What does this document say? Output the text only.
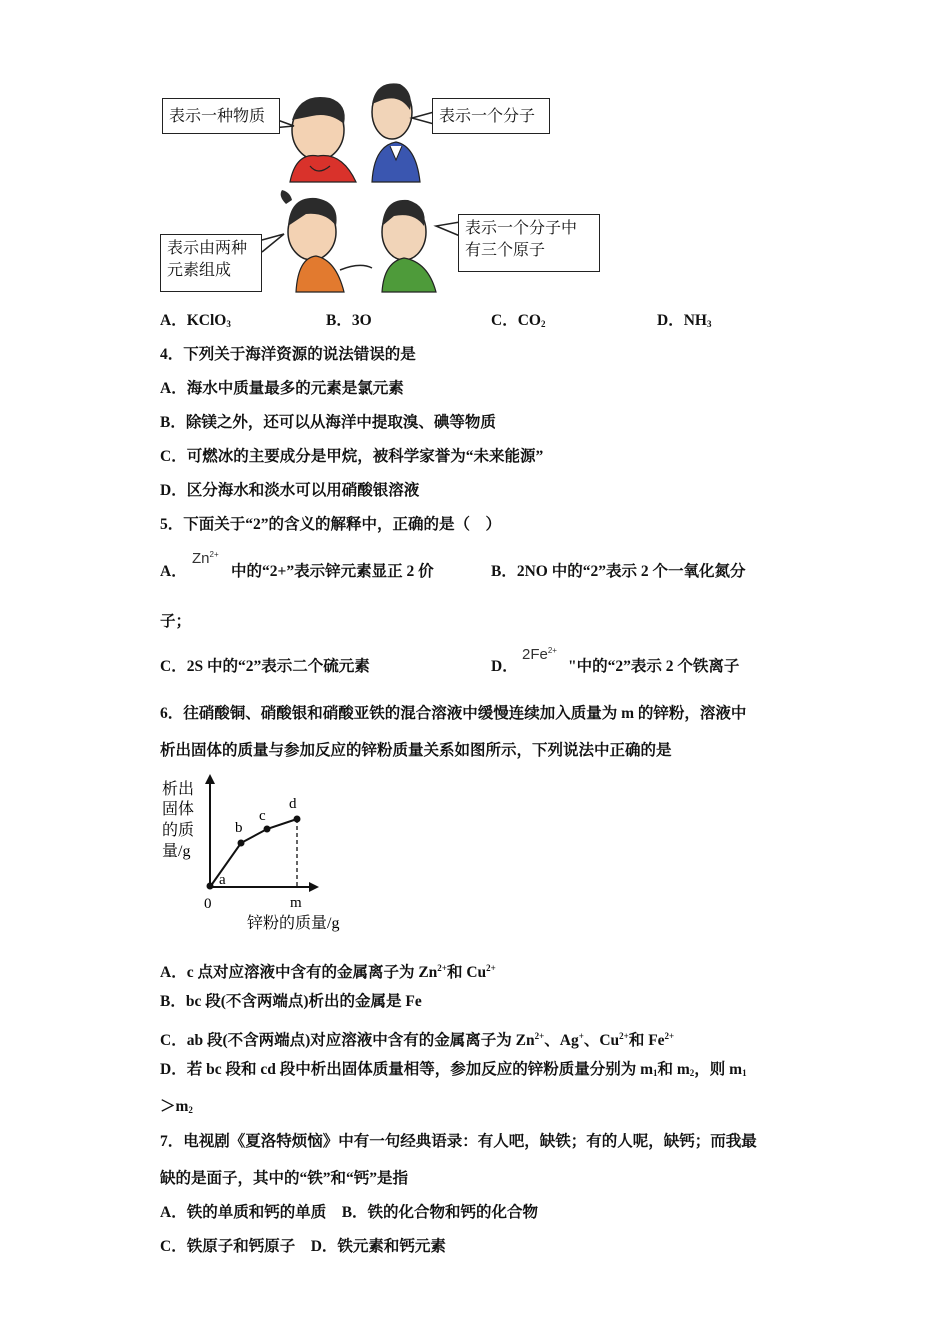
表示一种物质	表示一个分子
表示由两种
元素组成
表示一个分子中
有三个原子
A．KClO$_3$	B．3O	C．$CO_2$	D．$NH_3$
4．下列关于海洋资源的说法错误的是
A．海水中质量最多的元素是氯元素
B．除镁之外，还可以从海洋中提取溴、碘等物质
C．可燃冰的主要成分是甲烷，被科学家誉为“未来能源”
D．区分海水和淡水可以用硝酸银溶液
5．下面关于“2”的含义的解释中，正确的是（　）
A．
$Zn^{2+}$
中的“2+”表示锌元素显正 2 价	B．2NO 中的“2”表示 2 个一氧化氮分
子；
C．2S 中的“2”表示二个硫元素	D．
$2Fe^{2+}$
"中的“2”表示 2 个铁离子
6．往硝酸铜、硝酸银和硝酸亚铁的混合溶液中缓慢连续加入质量为 m 的锌粉，溶液中
析出固体的质量与参加反应的锌粉质量关系如图所示，下列说法中正确的是
a
b
c
d
0	m
析出
固体
的质
量/g
锌粉的质量/g
A．c 点对应溶液中含有的金属离子为 $Zn^{2+}$和 $Cu^{2+}$
B．bc 段(不含两端点)析出的金属是 Fe
C．ab 段(不含两端点)对应溶液中含有的金属离子为 $Zn^{2+}$、Ag+、$Cu^{2+}$和 $Fe^{2+}$
D．若 bc 段和 cd 段中析出固体质量相等，参加反应的锌粉质量分别为 $m_1$和 $m_2$，则 $m_1$
$>m_2$
7．电视剧《夏洛特烦恼》中有一句经典语录：有人吧，缺铁；有的人呢，缺钙；而我最
缺的是面子，其中的“铁”和“钙”是指
A．铁的单质和钙的单质　B．铁的化合物和钙的化合物
C．铁原子和钙原子　D．铁元素和钙元素
